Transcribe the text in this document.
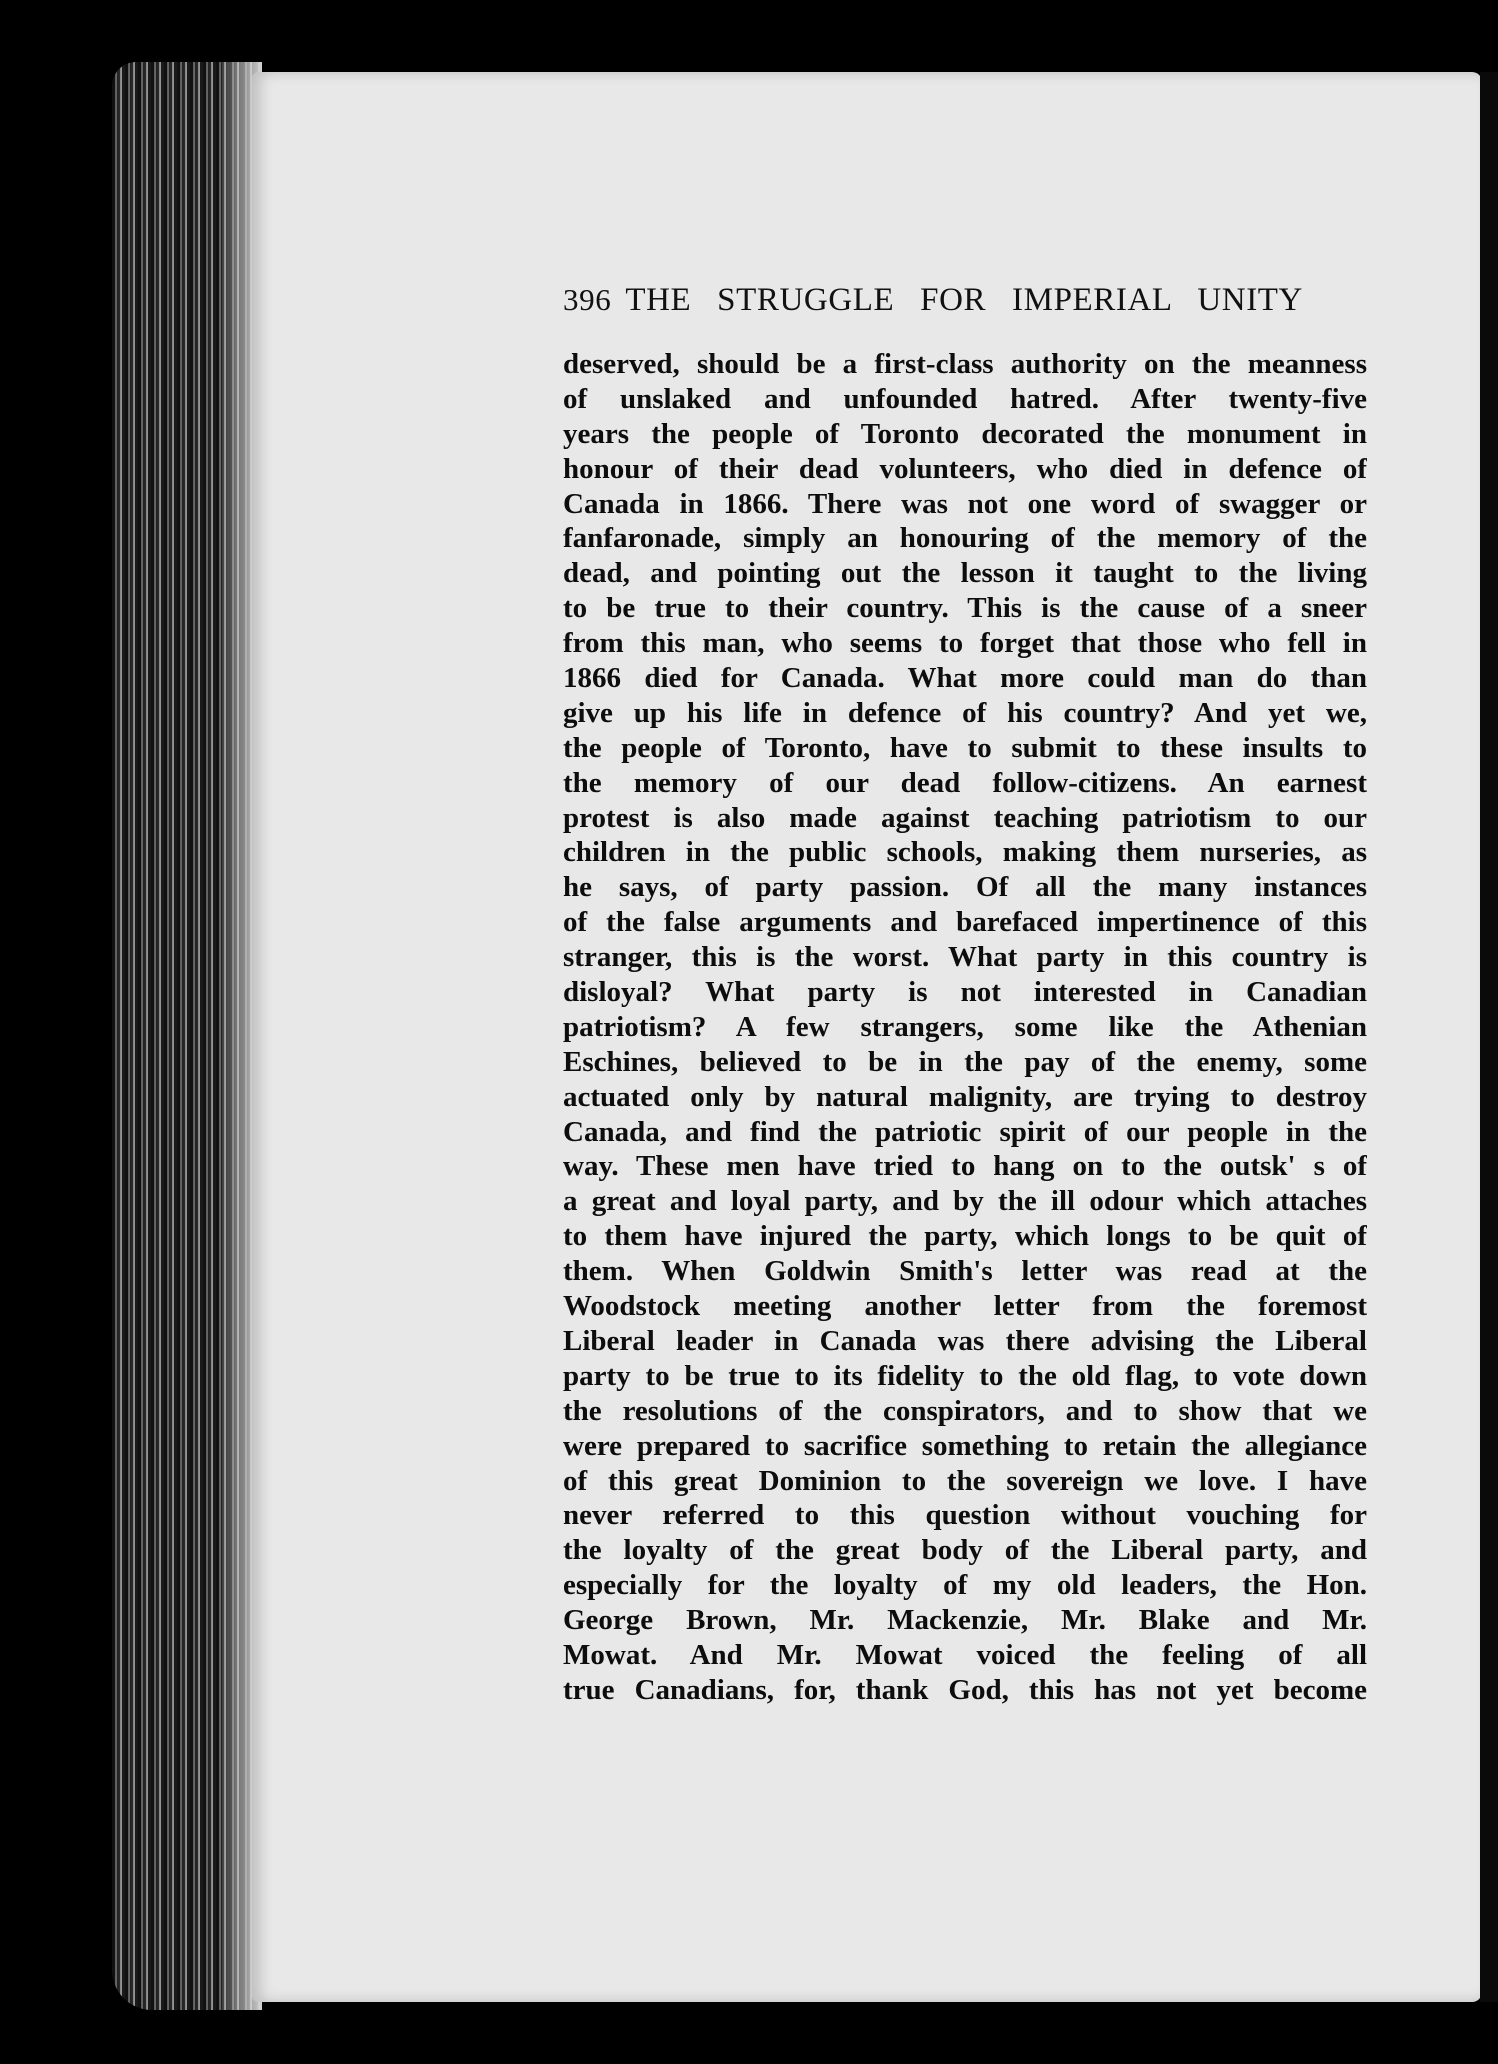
396 THE STRUGGLE FOR IMPERIAL UNITY
deserved, should be a first-class authority on the meanness
of unslaked and unfounded hatred. After twenty-five
years the people of Toronto decorated the monument in
honour of their dead volunteers, who died in defence of
Canada in 1866. There was not one word of swagger or
fanfaronade, simply an honouring of the memory of the
dead, and pointing out the lesson it taught to the living
to be true to their country. This is the cause of a sneer
from this man, who seems to forget that those who fell in
1866 died for Canada. What more could man do than
give up his life in defence of his country? And yet we,
the people of Toronto, have to submit to these insults to
the memory of our dead follow-citizens. An earnest
protest is also made against teaching patriotism to our
children in the public schools, making them nurseries, as
he says, of party passion. Of all the many instances
of the false arguments and barefaced impertinence of this
stranger, this is the worst. What party in this country is
disloyal? What party is not interested in Canadian
patriotism? A few strangers, some like the Athenian
Eschines, believed to be in the pay of the enemy, some
actuated only by natural malignity, are trying to destroy
Canada, and find the patriotic spirit of our people in the
way. These men have tried to hang on to the outsk' s of
a great and loyal party, and by the ill odour which attaches
to them have injured the party, which longs to be quit of
them. When Goldwin Smith's letter was read at the
Woodstock meeting another letter from the foremost
Liberal leader in Canada was there advising the Liberal
party to be true to its fidelity to the old flag, to vote down
the resolutions of the conspirators, and to show that we
were prepared to sacrifice something to retain the allegiance
of this great Dominion to the sovereign we love. I have
never referred to this question without vouching for
the loyalty of the great body of the Liberal party, and
especially for the loyalty of my old leaders, the Hon.
George Brown, Mr. Mackenzie, Mr. Blake and Mr.
Mowat. And Mr. Mowat voiced the feeling of all
true Canadians, for, thank God, this has not yet become
